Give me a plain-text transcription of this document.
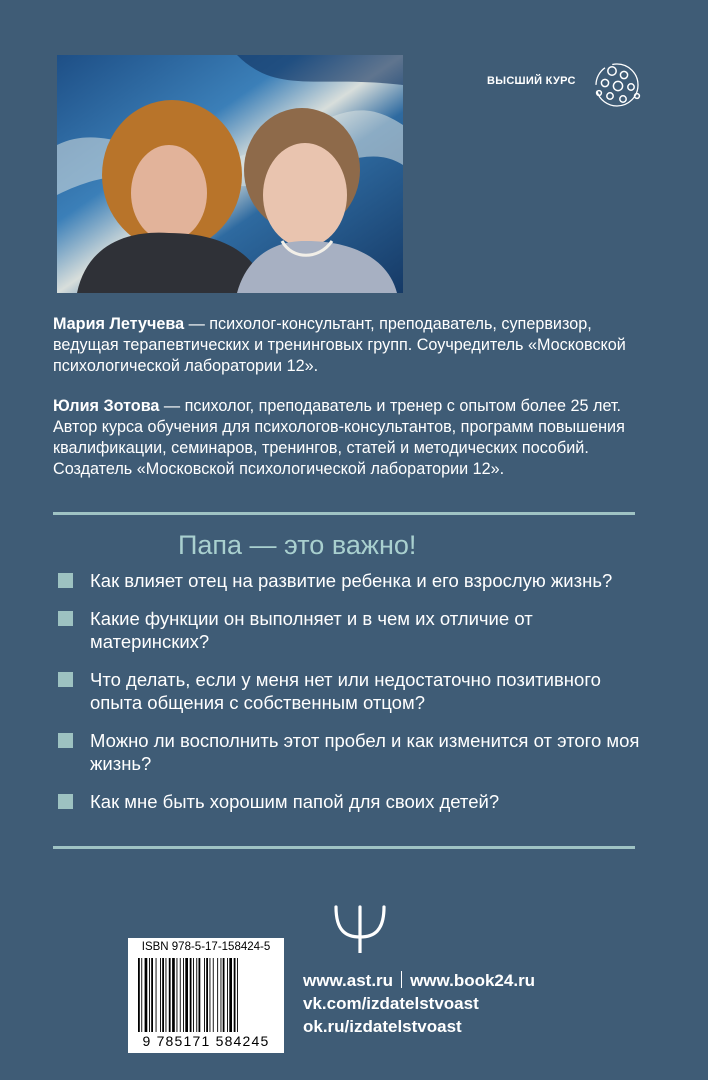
ВЫСШИЙ КУРС
Мария Летучева — психолог-консультант, преподаватель, супервизор, ведущая терапевтических и тренинговых групп. Соучредитель «Московской психологической лаборатории 12».
Юлия Зотова — психолог, преподаватель и тренер с опытом более 25 лет. Автор курса обучения для психологов-консультантов, программ повышения квалификации, семинаров, тренингов, статей и методических пособий. Создатель «Московской психологической лаборатории 12».
Папа — это важно!
Как влияет отец на развитие ребенка и его взрослую жизнь?
Какие функции он выполняет и в чем их отличие от материнских?
Что делать, если у меня нет или недостаточно позитивного опыта общения с собственным отцом?
Можно ли восполнить этот пробел и как изменится от этого моя жизнь?
Как мне быть хорошим папой для своих детей?
ISBN 978-5-17-158424-5
9 785171 584245
www.ast.ru www.book24.ru
vk.com/izdatelstvoast
ok.ru/izdatelstvoast
